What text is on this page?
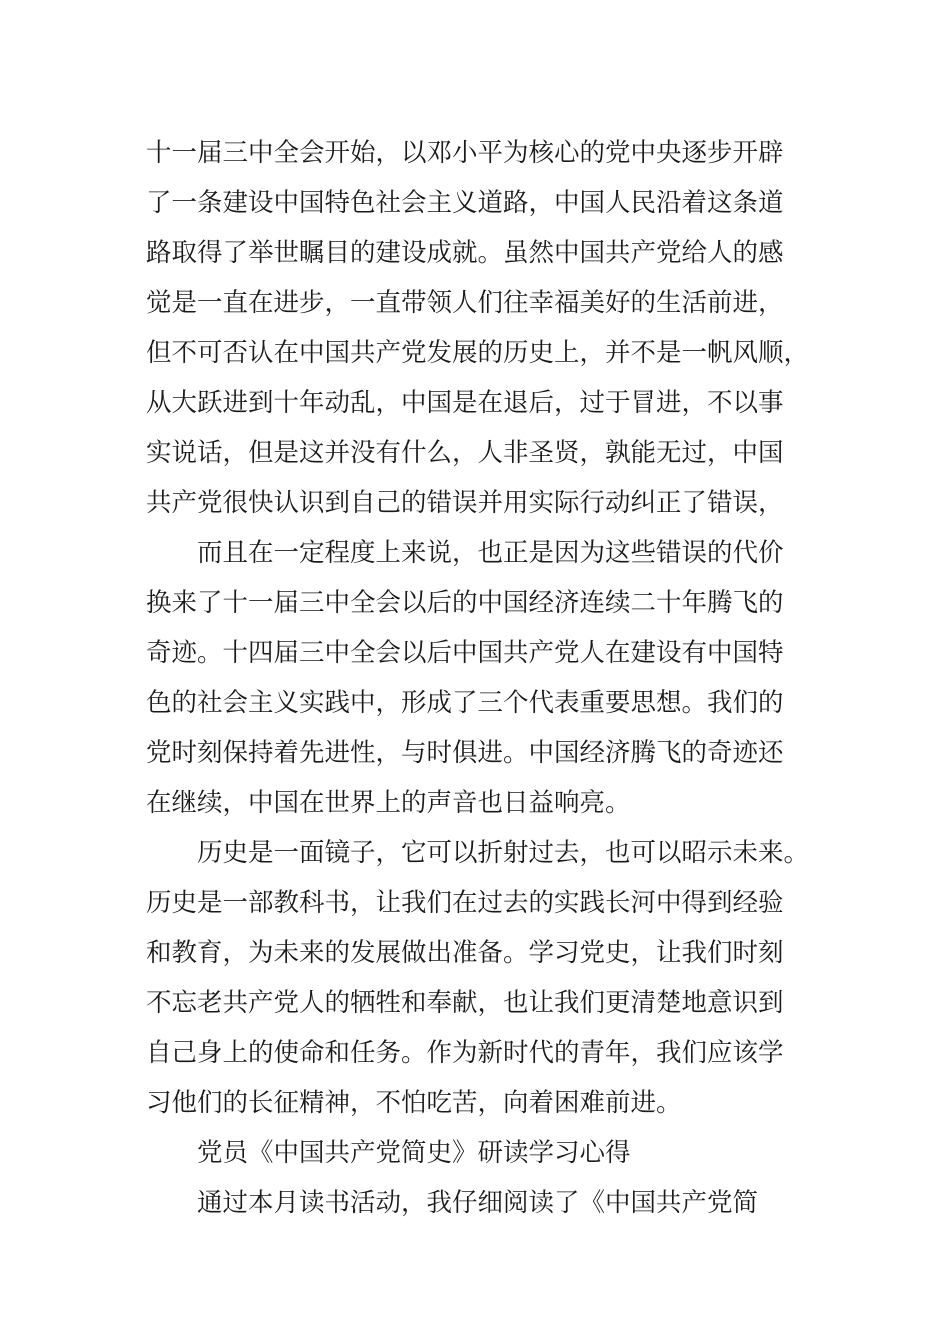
十一届三中全会开始，以邓小平为核心的党中央逐步开辟
了一条建设中国特色社会主义道路，中国人民沿着这条道
路取得了举世瞩目的建设成就。虽然中国共产党给人的感
觉是一直在进步，一直带领人们往幸福美好的生活前进，
但不可否认在中国共产党发展的历史上，并不是一帆风顺，
从大跃进到十年动乱，中国是在退后，过于冒进，不以事
实说话，但是这并没有什么，人非圣贤，孰能无过，中国
共产党很快认识到自己的错误并用实际行动纠正了错误，
而且在一定程度上来说，也正是因为这些错误的代价
换来了十一届三中全会以后的中国经济连续二十年腾飞的
奇迹。十四届三中全会以后中国共产党人在建设有中国特
色的社会主义实践中，形成了三个代表重要思想。我们的
党时刻保持着先进性，与时俱进。中国经济腾飞的奇迹还
在继续，中国在世界上的声音也日益响亮。
历史是一面镜子，它可以折射过去，也可以昭示未来。
历史是一部教科书，让我们在过去的实践长河中得到经验
和教育，为未来的发展做出准备。学习党史，让我们时刻
不忘老共产党人的牺牲和奉献，也让我们更清楚地意识到
自己身上的使命和任务。作为新时代的青年，我们应该学
习他们的长征精神，不怕吃苦，向着困难前进。
党员《中国共产党简史》研读学习心得
通过本月读书活动，我仔细阅读了《中国共产党简
